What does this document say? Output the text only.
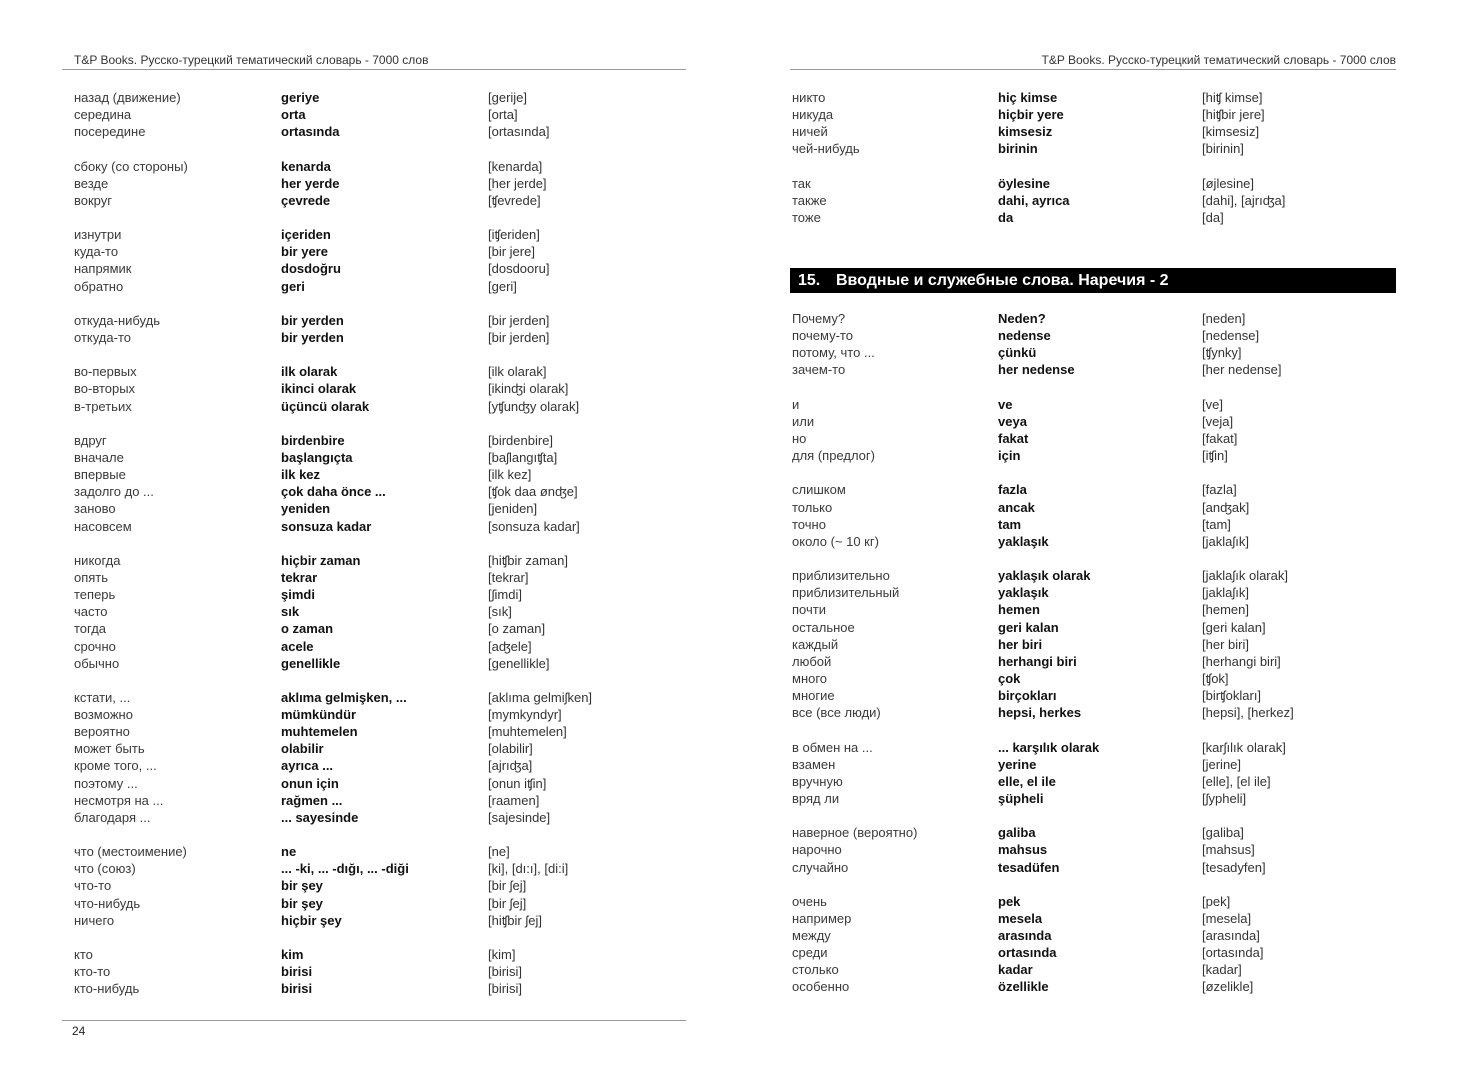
T&P Books. Русско-турецкий тематический словарь - 7000 слов
назад (движение)	geriye	[gerije]
середина	orta	[orta]
посередине	ortasında	[ortasında]
сбоку (со стороны)	kenarda	[kenarda]
везде	her yerde	[her jerde]
вокруг	çevrede	[ʧevrede]
изнутри	içeriden	[iʧeriden]
куда-то	bir yere	[bir jere]
напрямик	dosdoğru	[dosdooru]
обратно	geri	[geri]
откуда-нибудь	bir yerden	[bir jerden]
откуда-то	bir yerden	[bir jerden]
во-первых	ilk olarak	[ilk olarak]
во-вторых	ikinci olarak	[ikinʤi olarak]
в-третьих	üçüncü olarak	[yʧunʤy olarak]
вдруг	birdenbire	[birdenbire]
вначале	başlangıçta	[baʃlangıʧta]
впервые	ilk kez	[ilk kez]
задолго до ...	çok daha önce ...	[ʧok daa ønʤe]
заново	yeniden	[jeniden]
насовсем	sonsuza kadar	[sonsuza kadar]
никогда	hiçbir zaman	[hiʧbir zaman]
опять	tekrar	[tekrar]
теперь	şimdi	[ʃimdi]
часто	sık	[sık]
тогда	o zaman	[o zaman]
срочно	acele	[aʤele]
обычно	genellikle	[genellikle]
кстати, ...	aklıma gelmişken, ...	[aklıma gelmiʃken]
возможно	mümkündür	[mymkyndyr]
вероятно	muhtemelen	[muhtemelen]
может быть	olabilir	[olabilir]
кроме того, ...	ayrıca ...	[ajrıʤa]
поэтому ...	onun için	[onun iʧin]
несмотря на ...	rağmen ...	[raamen]
благодаря ...	... sayesinde	[sajesinde]
что (местоимение)	ne	[ne]
что (союз)	... -ki, ... -dığı, ... -diği	[ki], [dı:ı], [di:i]
что-то	bir şey	[bir ʃej]
что-нибудь	bir şey	[bir ʃej]
ничего	hiçbir şey	[hiʧbir ʃej]
кто	kim	[kim]
кто-то	birisi	[birisi]
кто-нибудь	birisi	[birisi]
24
T&P Books. Русско-турецкий тематический словарь - 7000 слов
никто	hiç kimse	[hiʧ kimse]
никуда	hiçbir yere	[hiʧbir jere]
ничей	kimsesiz	[kimsesiz]
чей-нибудь	birinin	[birinin]
так	öylesine	[øjlesine]
также	dahi, ayrıca	[dahi], [ajrıʤa]
тоже	da	[da]
15. Вводные и служебные слова. Наречия - 2
Почему?	Neden?	[neden]
почему-то	nedense	[nedense]
потому, что ...	çünkü	[ʧynky]
зачем-то	her nedense	[her nedense]
и	ve	[ve]
или	veya	[veja]
но	fakat	[fakat]
для (предлог)	için	[iʧin]
слишком	fazla	[fazla]
только	ancak	[anʤak]
точно	tam	[tam]
около (~ 10 кг)	yaklaşık	[jaklaʃık]
приблизительно	yaklaşık olarak	[jaklaʃık olarak]
приблизительный	yaklaşık	[jaklaʃık]
почти	hemen	[hemen]
остальное	geri kalan	[geri kalan]
каждый	her biri	[her biri]
любой	herhangi biri	[herhangi biri]
много	çok	[ʧok]
многие	birçokları	[birʧokları]
все (все люди)	hepsi, herkes	[hepsi], [herkez]
в обмен на ...	... karşılık olarak	[karʃılık olarak]
взамен	yerine	[jerine]
вручную	elle, el ile	[elle], [el ile]
вряд ли	şüpheli	[ʃypheli]
наверное (вероятно)	galiba	[galiba]
нарочно	mahsus	[mahsus]
случайно	tesadüfen	[tesadyfen]
очень	pek	[pek]
например	mesela	[mesela]
между	arasında	[arasında]
среди	ortasında	[ortasında]
столько	kadar	[kadar]
особенно	özellikle	[øzelikle]
